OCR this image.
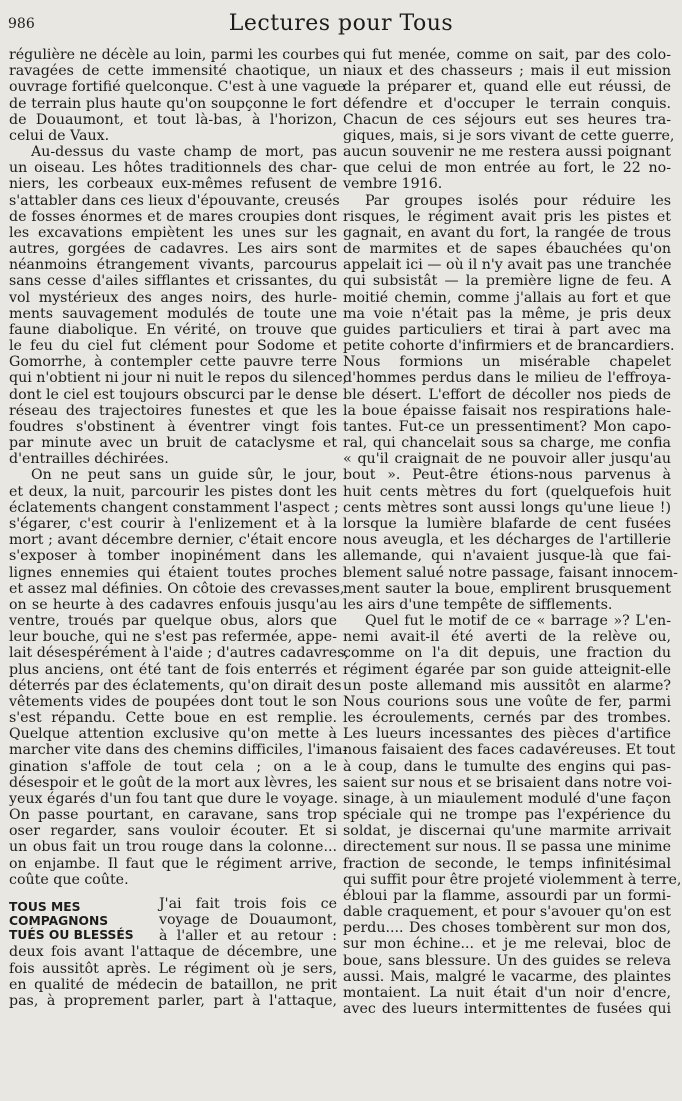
986	Lectures pour Tous
régulière ne décèle au loin, parmi les courbes
ravagées de cette immensité chaotique, un
ouvrage fortifié quelconque. C'est à une vague
de terrain plus haute qu'on soupçonne le fort
de Douaumont, et tout là-bas, à l'horizon,
celui de Vaux.
Au-dessus du vaste champ de mort, pas
un oiseau. Les hôtes traditionnels des char-
niers, les corbeaux eux-mêmes refusent de
s'attabler dans ces lieux d'épouvante, creusés
de fosses énormes et de mares croupies dont
les excavations empiètent les unes sur les
autres, gorgées de cadavres. Les airs sont
néanmoins étrangement vivants, parcourus
sans cesse d'ailes sifflantes et crissantes, du
vol mystérieux des anges noirs, des hurle-
ments sauvagement modulés de toute une
faune diabolique. En vérité, on trouve que
le feu du ciel fut clément pour Sodome et
Gomorrhe, à contempler cette pauvre terre
qui n'obtient ni jour ni nuit le repos du silence,
dont le ciel est toujours obscurci par le dense
réseau des trajectoires funestes et que les
foudres s'obstinent à éventrer vingt fois
par minute avec un bruit de cataclysme et
d'entrailles déchirées.
On ne peut sans un guide sûr, le jour,
et deux, la nuit, parcourir les pistes dont les
éclatements changent constamment l'aspect ;
s'égarer, c'est courir à l'enlizement et à la
mort ; avant décembre dernier, c'était encore
s'exposer à tomber inopinément dans les
lignes ennemies qui étaient toutes proches
et assez mal définies. On côtoie des crevasses,
on se heurte à des cadavres enfouis jusqu'au
ventre, troués par quelque obus, alors que
leur bouche, qui ne s'est pas refermée, appe-
lait désespérément à l'aide ; d'autres cadavres,
plus anciens, ont été tant de fois enterrés et
déterrés par des éclatements, qu'on dirait des
vêtements vides de poupées dont tout le son
s'est répandu. Cette boue en est remplie.
Quelque attention exclusive qu'on mette à
marcher vite dans des chemins difficiles, l'ima-
gination s'affole de tout cela ; on a le
désespoir et le goût de la mort aux lèvres, les
yeux égarés d'un fou tant que dure le voyage.
On passe pourtant, en caravane, sans trop
oser regarder, sans vouloir écouter. Et si
un obus fait un trou rouge dans la colonne...
on enjambe. Il faut que le régiment arrive,
coûte que coûte.
TOUS MES COMPAGNONS TUÉS OU BLESSÉS
J'ai fait trois fois ce
voyage de Douaumont,
à l'aller et au retour :
deux fois avant l'attaque de décembre, une
fois aussitôt après. Le régiment où je sers,
en qualité de médecin de bataillon, ne prit
pas, à proprement parler, part à l'attaque,
qui fut menée, comme on sait, par des colo-
niaux et des chasseurs ; mais il eut mission
de la préparer et, quand elle eut réussi, de
défendre et d'occuper le terrain conquis.
Chacun de ces séjours eut ses heures tra-
giques, mais, si je sors vivant de cette guerre,
aucun souvenir ne me restera aussi poignant
que celui de mon entrée au fort, le 22 no-
vembre 1916.
Par groupes isolés pour réduire les
risques, le régiment avait pris les pistes et
gagnait, en avant du fort, la rangée de trous
de marmites et de sapes ébauchées qu'on
appelait ici — où il n'y avait pas une tranchée
qui subsistât — la première ligne de feu. A
moitié chemin, comme j'allais au fort et que
ma voie n'était pas la même, je pris deux
guides particuliers et tirai à part avec ma
petite cohorte d'infirmiers et de brancardiers.
Nous formions un misérable chapelet
d'hommes perdus dans le milieu de l'effroya-
ble désert. L'effort de décoller nos pieds de
la boue épaisse faisait nos respirations hale-
tantes. Fut-ce un pressentiment? Mon capo-
ral, qui chancelait sous sa charge, me confia
« qu'il craignait de ne pouvoir aller jusqu'au
bout ». Peut-être étions-nous parvenus à
huit cents mètres du fort (quelquefois huit
cents mètres sont aussi longs qu'une lieue !)
lorsque la lumière blafarde de cent fusées
nous aveugla, et les décharges de l'artillerie
allemande, qui n'avaient jusque-là que fai-
blement salué notre passage, faisant innocem-
ment sauter la boue, emplirent brusquement
les airs d'une tempête de sifflements.
Quel fut le motif de ce « barrage »? L'en-
nemi avait-il été averti de la relève ou,
comme on l'a dit depuis, une fraction du
régiment égarée par son guide atteignit-elle
un poste allemand mis aussitôt en alarme?
Nous courions sous une voûte de fer, parmi
les écroulements, cernés par des trombes.
Les lueurs incessantes des pièces d'artifice
nous faisaient des faces cadavéreuses. Et tout
à coup, dans le tumulte des engins qui pas-
saient sur nous et se brisaient dans notre voi-
sinage, à un miaulement modulé d'une façon
spéciale qui ne trompe pas l'expérience du
soldat, je discernai qu'une marmite arrivait
directement sur nous. Il se passa une minime
fraction de seconde, le temps infinitésimal
qui suffit pour être projeté violemment à terre,
ébloui par la flamme, assourdi par un formi-
dable craquement, et pour s'avouer qu'on est
perdu.... Des choses tombèrent sur mon dos,
sur mon échine... et je me relevai, bloc de
boue, sans blessure. Un des guides se releva
aussi. Mais, malgré le vacarme, des plaintes
montaient. La nuit était d'un noir d'encre,
avec des lueurs intermittentes de fusées qui
